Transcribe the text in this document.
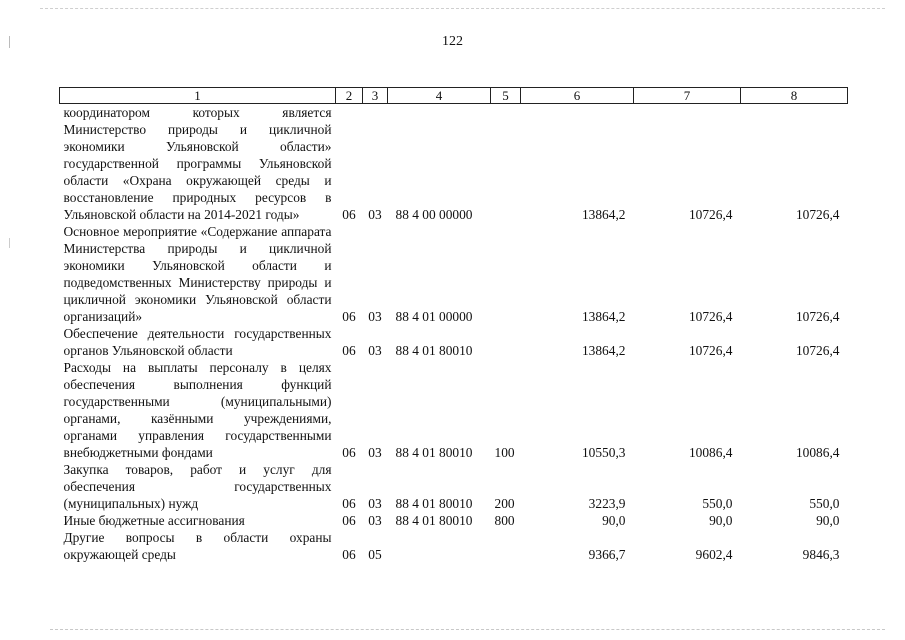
122
1	2	3	4	5	6	7	8
координатором которых является Министерство природы и цикличной экономики Ульяновской области» государственной программы Ульяновской области «Охрана окружающей среды и восстановление природных ресурсов в Ульяновской области на 2014-2021 годы»	06	03	88 4 00 00000		13864,2	10726,4	10726,4
Основное мероприятие «Содержание аппарата Министерства природы и цикличной экономики Ульяновской области и подведомственных Министерству природы и цикличной экономики Ульяновской области организаций»	06	03	88 4 01 00000		13864,2	10726,4	10726,4
Обеспечение деятельности государственных органов Ульяновской области	06	03	88 4 01 80010		13864,2	10726,4	10726,4
Расходы на выплаты персоналу в целях обеспечения выполнения функций государственными (муниципальными) органами, казёнными учреждениями, органами управления государственными внебюджетными фондами	06	03	88 4 01 80010	100	10550,3	10086,4	10086,4
Закупка товаров, работ и услуг для обеспечения государственных (муниципальных) нужд	06	03	88 4 01 80010	200	3223,9	550,0	550,0
Иные бюджетные ассигнования	06	03	88 4 01 80010	800	90,0	90,0	90,0
Другие вопросы в области охраны окружающей среды	06	05			9366,7	9602,4	9846,3
